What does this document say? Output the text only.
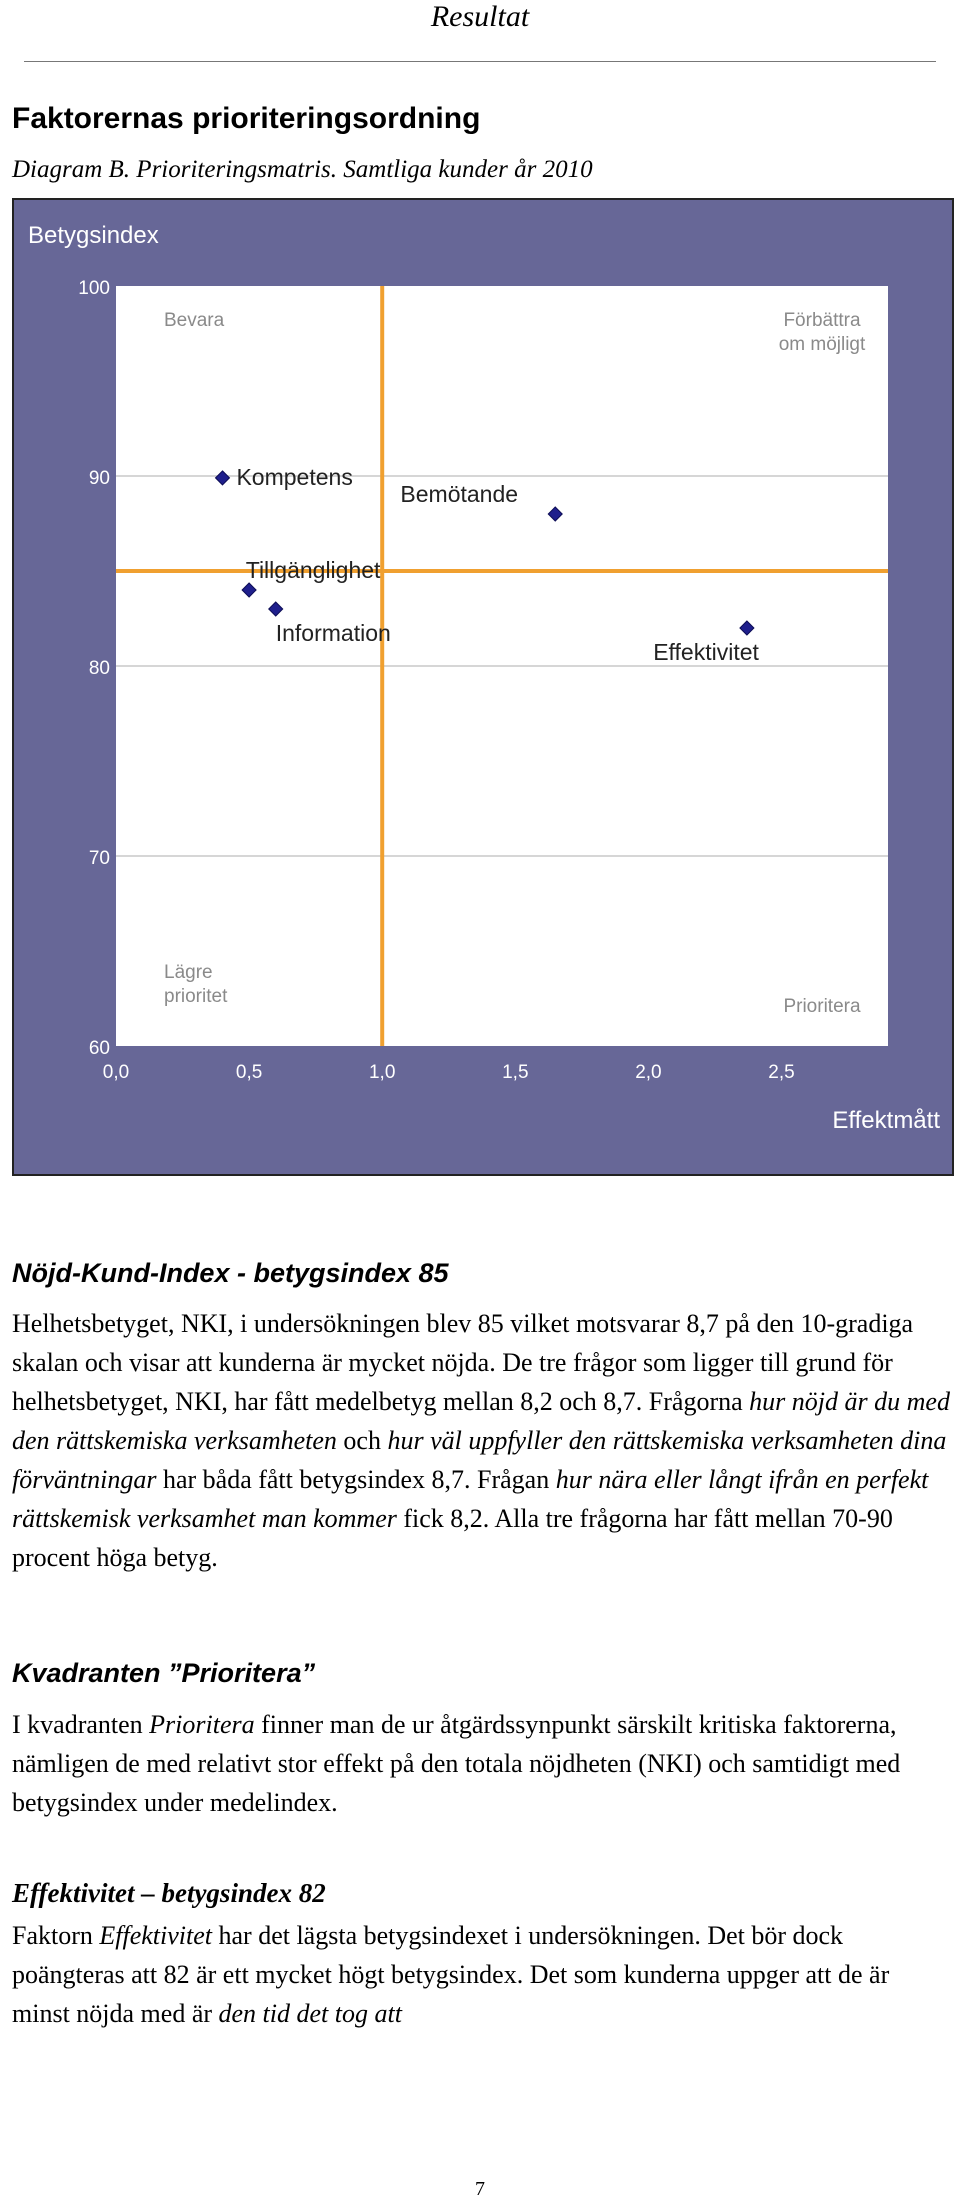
Resultat
Faktorernas prioriteringsordning
Diagram B. Prioriteringsmatris. Samtliga kunder år 2010
Betygsindex
60
70
80
90
100
0,0	0,5	1,0	1,5	2,0	2,5
Effektmått
Bevara	Förbättra
om möjligt
Lägre
prioritet	Prioritera
Kompetens
Bemötande
Tillgänglighet
Information
Effektivitet
Nöjd-Kund-Index - betygsindex 85
Helhetsbetyget, NKI, i undersökningen blev 85 vilket motsvarar 8,7 på den 10-gradiga skalan och visar att kunderna är mycket nöjda. De tre frågor som ligger till grund för helhetsbetyget, NKI, har fått medelbetyg mellan 8,2 och 8,7. Frågorna hur nöjd är du med den rättskemiska verksamheten och hur väl uppfyller den rättskemiska verksamheten dina förväntningar har båda fått betygsindex 8,7. Frågan hur nära eller långt ifrån en perfekt rättskemisk verksamhet man kommer fick 8,2. Alla tre frågorna har fått mellan 70-90 procent höga betyg.
Kvadranten ”Prioritera”
I kvadranten Prioritera finner man de ur åtgärdssynpunkt särskilt kritiska faktorerna, nämligen de med relativt stor effekt på den totala nöjdheten (NKI) och samtidigt med betygsindex under medelindex.
Effektivitet – betygsindex 82
Faktorn Effektivitet har det lägsta betygsindexet i undersökningen. Det bör dock poängteras att 82 är ett mycket högt betygsindex. Det som kunderna uppger att de är minst nöjda med är den tid det tog att
7
